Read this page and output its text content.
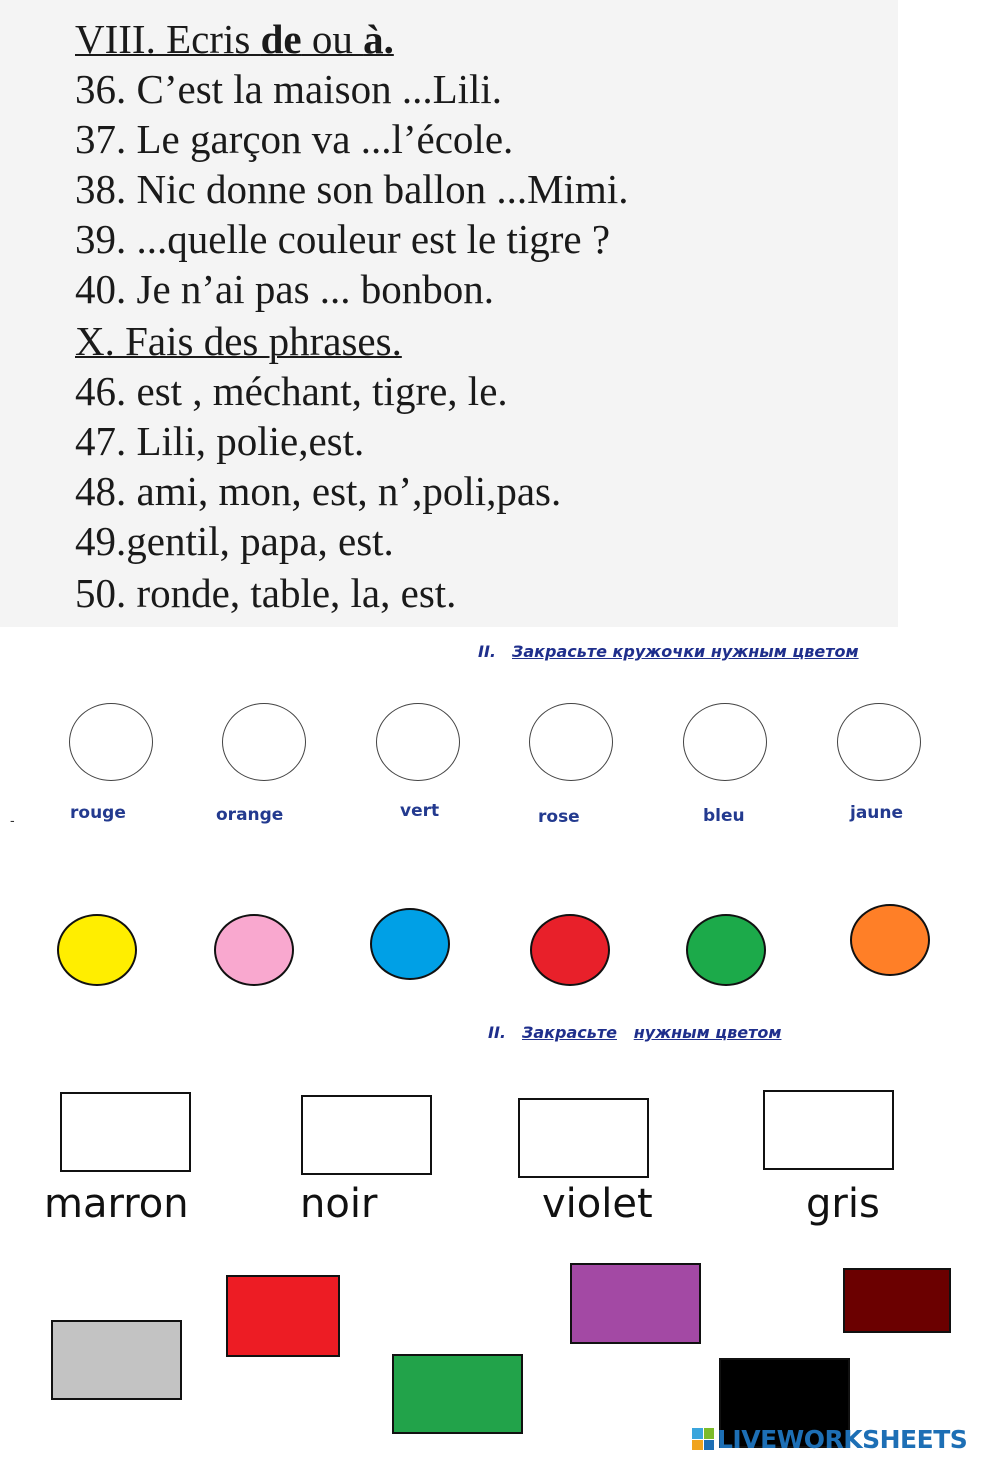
VIII. Ecris de ou à.
36. C’est la maison ...Lili.
37. Le garçon va ...l’école.
38. Nic donne son ballon ...Mimi.
39. ...quelle couleur est le tigre ?
40. Je n’ai pas ... bonbon.
X. Fais des phrases.
46. est , méchant, tigre, le.
47. Lili, polie,est.
48. ami, mon, est, n’,poli,pas.
49.gentil, papa, est.
50. ronde, table, la, est.
II. Закрасьте кружочки нужным цветом
-	rouge	orange	vert	rose	bleu	jaune
II. Закрасьте нужным цветом
marron	noir	violet	gris
LIVEWORKSHEETS
